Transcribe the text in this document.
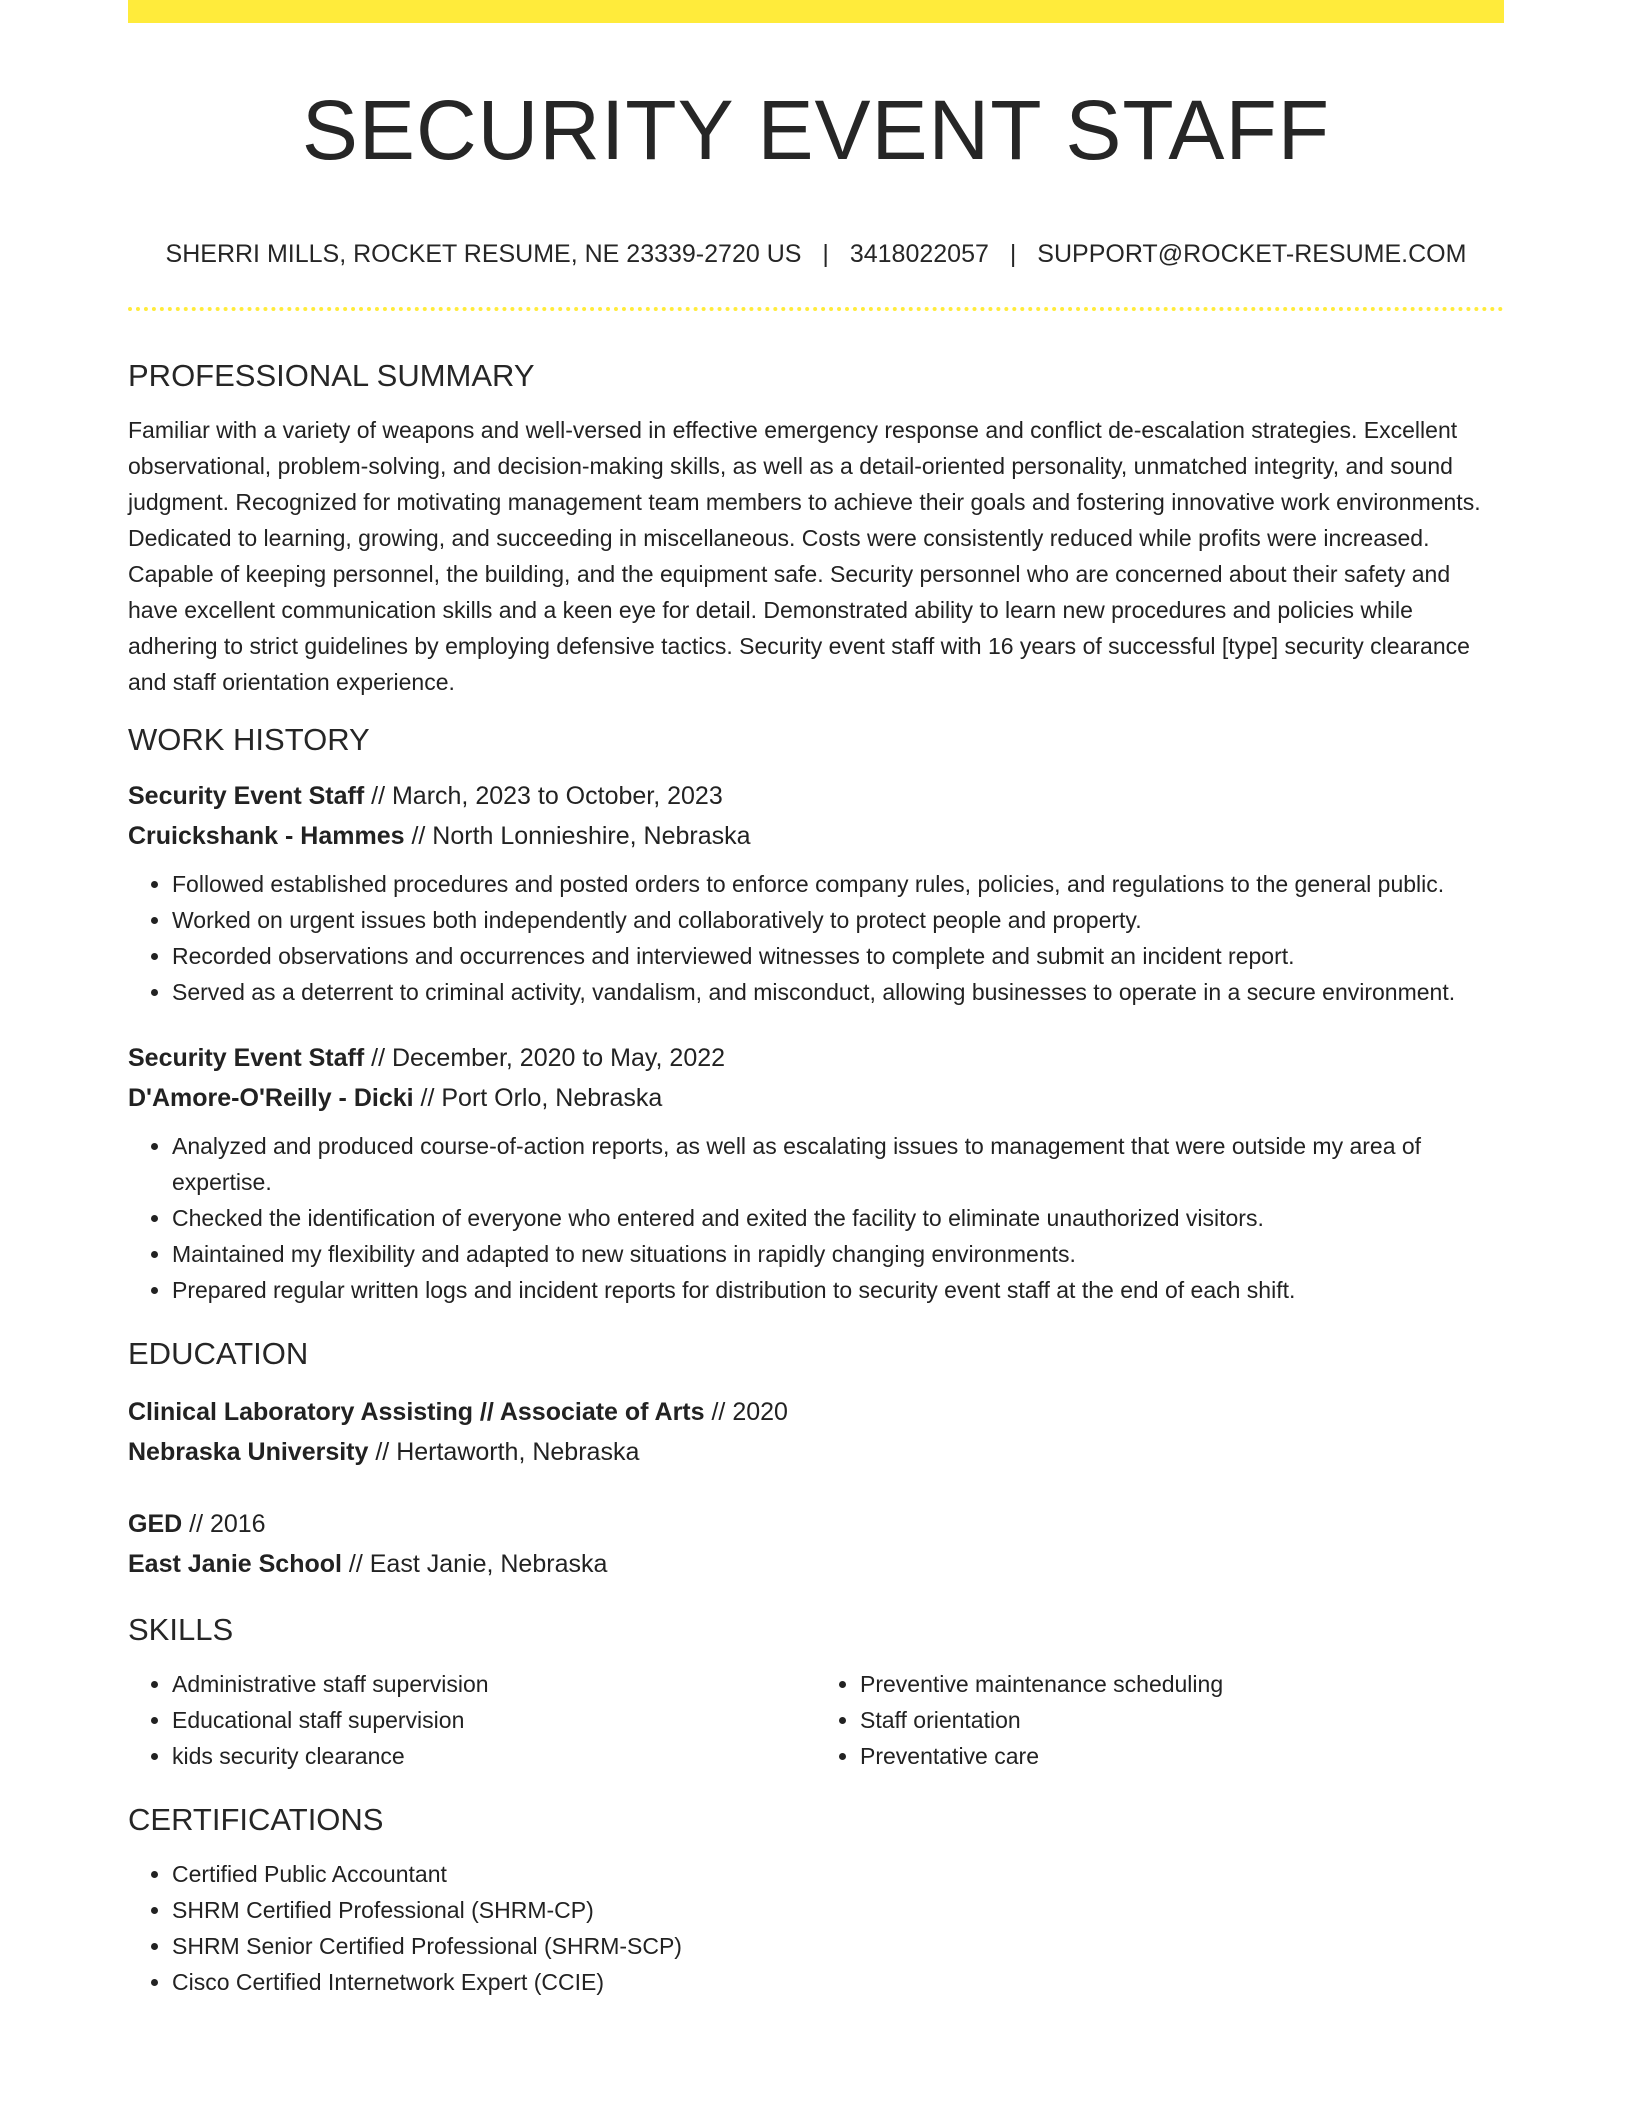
SECURITY EVENT STAFF
SHERRI MILLS, ROCKET RESUME, NE 23339-2720 US | 3418022057 | SUPPORT@ROCKET-RESUME.COM
PROFESSIONAL SUMMARY

Familiar with a variety of weapons and well-versed in effective emergency response and conflict de-escalation strategies. Excellent observational, problem-solving, and decision-making skills, as well as a detail-oriented personality, unmatched integrity, and sound judgment. Recognized for motivating management team members to achieve their goals and fostering innovative work environments. Dedicated to learning, growing, and succeeding in miscellaneous. Costs were consistently reduced while profits were increased. Capable of keeping personnel, the building, and the equipment safe. Security personnel who are concerned about their safety and have excellent communication skills and a keen eye for detail. Demonstrated ability to learn new procedures and policies while adhering to strict guidelines by employing defensive tactics. Security event staff with 16 years of successful [type] security clearance and staff orientation experience.

WORK HISTORY
Security Event Staff // March, 2023 to October, 2023
Cruickshank - Hammes // North Lonnieshire, Nebraska
• Followed established procedures and posted orders to enforce company rules, policies, and regulations to the general public.
• Worked on urgent issues both independently and collaboratively to protect people and property.
• Recorded observations and occurrences and interviewed witnesses to complete and submit an incident report.
• Served as a deterrent to criminal activity, vandalism, and misconduct, allowing businesses to operate in a secure environment.
Security Event Staff // December, 2020 to May, 2022
D'Amore-O'Reilly - Dicki // Port Orlo, Nebraska
• Analyzed and produced course-of-action reports, as well as escalating issues to management that were outside my area of expertise.
• Checked the identification of everyone who entered and exited the facility to eliminate unauthorized visitors.
• Maintained my flexibility and adapted to new situations in rapidly changing environments.
• Prepared regular written logs and incident reports for distribution to security event staff at the end of each shift.
EDUCATION
Clinical Laboratory Assisting // Associate of Arts // 2020
Nebraska University // Hertaworth, Nebraska
GED // 2016
East Janie School // East Janie, Nebraska
SKILLS
• Administrative staff supervision
• Educational staff supervision
• kids security clearance
• Preventive maintenance scheduling
• Staff orientation
• Preventative care
CERTIFICATIONS
• Certified Public Accountant
• SHRM Certified Professional (SHRM-CP)
• SHRM Senior Certified Professional (SHRM-SCP)
• Cisco Certified Internetwork Expert (CCIE)
